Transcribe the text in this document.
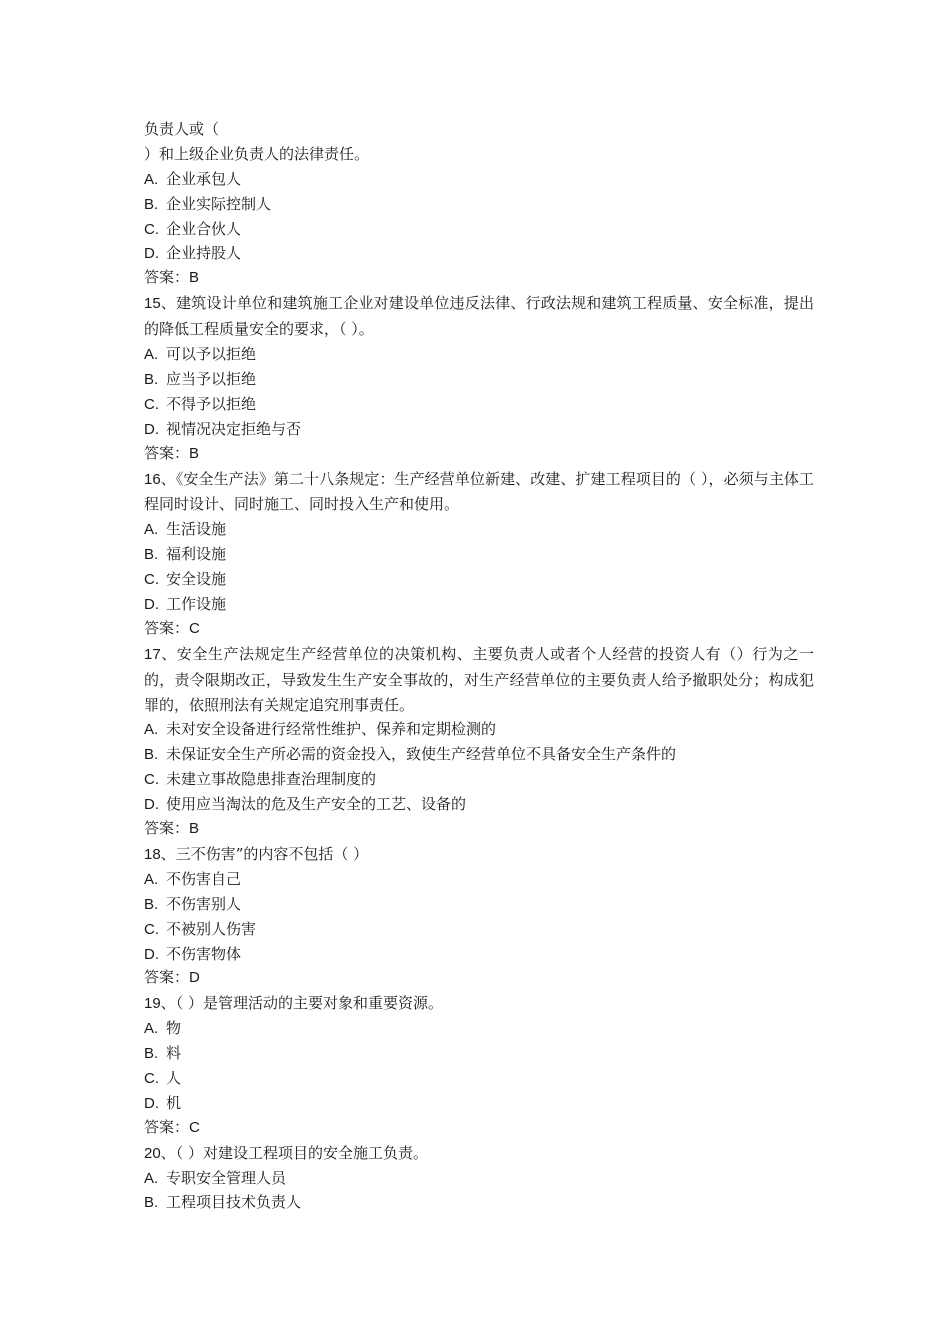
负责人或（
）和上级企业负责人的法律责任。
A. 企业承包人
B. 企业实际控制人
C. 企业合伙人
D. 企业持股人
答案：B
15、建筑设计单位和建筑施工企业对建设单位违反法律、行政法规和建筑工程质量、安全标准，提出的降低工程质量安全的要求，（ ）。
A. 可以予以拒绝
B. 应当予以拒绝
C. 不得予以拒绝
D. 视情况决定拒绝与否
答案：B
16、《安全生产法》第二十八条规定：生产经营单位新建、改建、扩建工程项目的（ ），必须与主体工程同时设计、同时施工、同时投入生产和使用。
A. 生活设施
B. 福利设施
C. 安全设施
D. 工作设施
答案：C
17、安全生产法规定生产经营单位的决策机构、主要负责人或者个人经营的投资人有（）行为之一的，责令限期改正，导致发生生产安全事故的，对生产经营单位的主要负责人给予撤职处分；构成犯罪的，依照刑法有关规定追究刑事责任。
A. 未对安全设备进行经常性维护、保养和定期检测的
B. 未保证安全生产所必需的资金投入，致使生产经营单位不具备安全生产条件的
C. 未建立事故隐患排查治理制度的
D. 使用应当淘汰的危及生产安全的工艺、设备的
答案：B
18、三不伤害”的内容不包括（ ）
A. 不伤害自己
B. 不伤害别人
C. 不被别人伤害
D. 不伤害物体
答案：D
19、（ ）是管理活动的主要对象和重要资源。
A. 物
B. 料
C. 人
D. 机
答案：C
20、（ ）对建设工程项目的安全施工负责。
A. 专职安全管理人员
B. 工程项目技术负责人
